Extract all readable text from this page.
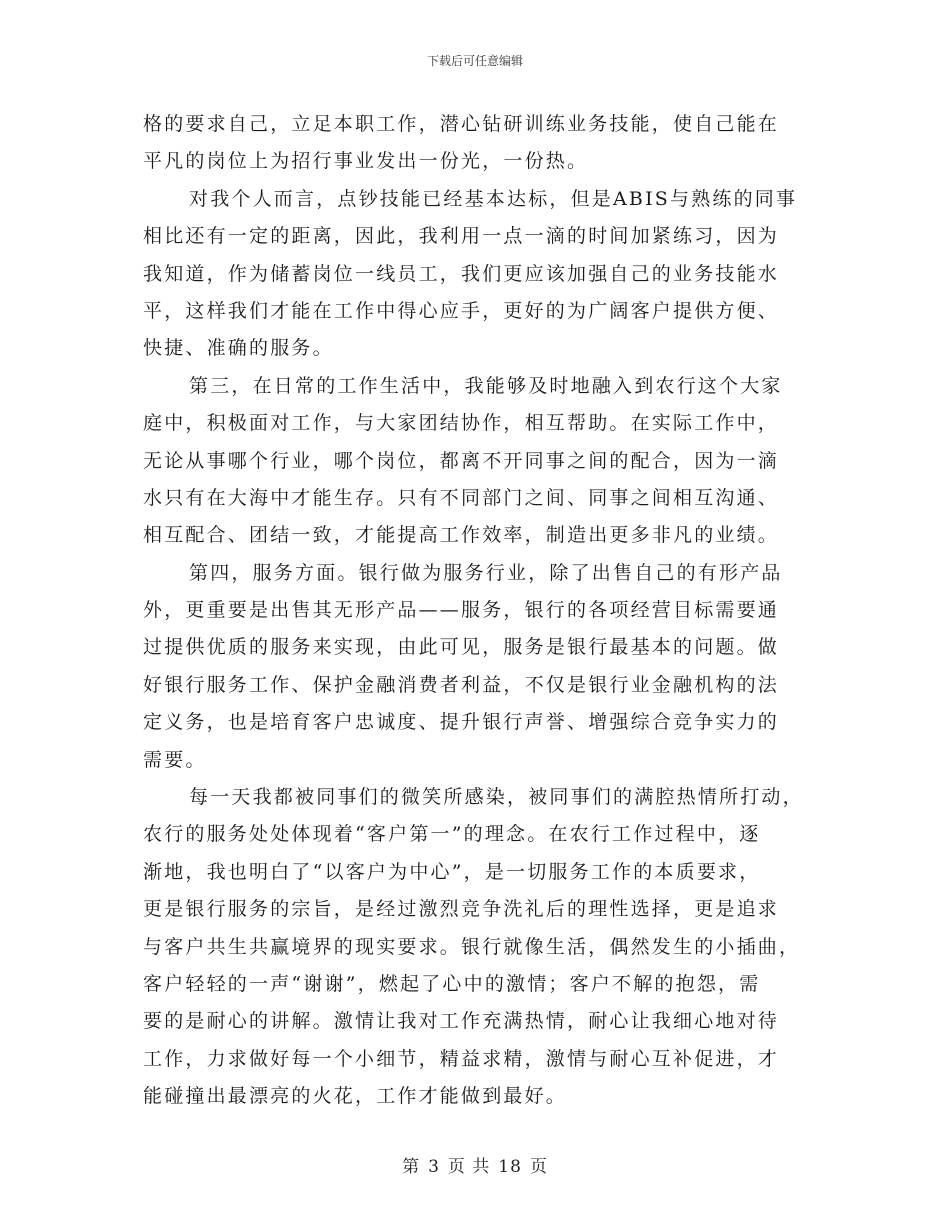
下载后可任意编辑
格的要求自己，立足本职工作，潜心钻研训练业务技能，使自己能在
平凡的岗位上为招行事业发出一份光，一份热。
对我个人而言，点钞技能已经基本达标，但是ABIS与熟练的同事
相比还有一定的距离，因此，我利用一点一滴的时间加紧练习，因为
我知道，作为储蓄岗位一线员工，我们更应该加强自己的业务技能水
平，这样我们才能在工作中得心应手，更好的为广阔客户提供方便、
快捷、准确的服务。
第三，在日常的工作生活中，我能够及时地融入到农行这个大家
庭中，积极面对工作，与大家团结协作，相互帮助。在实际工作中，
无论从事哪个行业，哪个岗位，都离不开同事之间的配合，因为一滴
水只有在大海中才能生存。只有不同部门之间、同事之间相互沟通、
相互配合、团结一致，才能提高工作效率，制造出更多非凡的业绩。
第四，服务方面。银行做为服务行业，除了出售自己的有形产品
外，更重要是出售其无形产品——服务，银行的各项经营目标需要通
过提供优质的服务来实现，由此可见，服务是银行最基本的问题。做
好银行服务工作、保护金融消费者利益，不仅是银行业金融机构的法
定义务，也是培育客户忠诚度、提升银行声誉、增强综合竞争实力的
需要。
每一天我都被同事们的微笑所感染，被同事们的满腔热情所打动，
农行的服务处处体现着“客户第一”的理念。在农行工作过程中，逐
渐地，我也明白了“以客户为中心”，是一切服务工作的本质要求，
更是银行服务的宗旨，是经过激烈竞争洗礼后的理性选择，更是追求
与客户共生共赢境界的现实要求。银行就像生活，偶然发生的小插曲，
客户轻轻的一声“谢谢”，燃起了心中的激情；客户不解的抱怨，需
要的是耐心的讲解。激情让我对工作充满热情，耐心让我细心地对待
工作，力求做好每一个小细节，精益求精，激情与耐心互补促进，才
能碰撞出最漂亮的火花，工作才能做到最好。
第 3 页 共 18 页
